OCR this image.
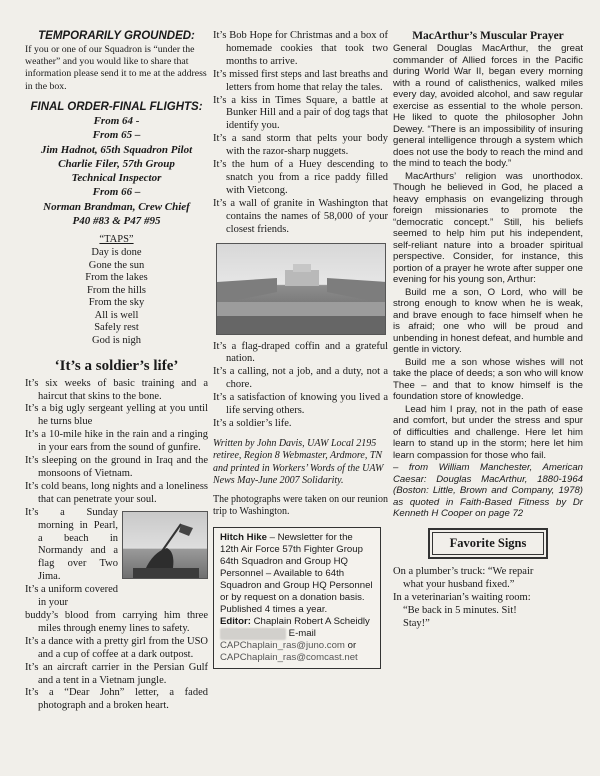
TEMPORARILY GROUNDED:
If you or one of our Squadron is “under the weather” and you would like to share that information please send it to me at the address in the box.
FINAL ORDER-FINAL FLIGHTS:
From 64 -
From 65 –
Jim Hadnot, 65th Squadron Pilot
Charlie Filer, 57th Group
Technical Inspector
From 66 –
Norman Brandman, Crew Chief
P40 #83 & P47 #95
“TAPS”
Day is done
Gone the sun
From the lakes
From the hills
From the sky
All is well
Safely rest
God is nigh
‘It’s a soldier’s life’
It’s six weeks of basic training and a haircut that skins to the bone.
It’s a big ugly sergeant yelling at you until he turns blue
It’s a 10-mile hike in the rain and a ringing in your ears from the sound of gunfire.
It’s sleeping on the ground in Iraq and the monsoons of Vietnam.
It’s cold beans, long nights and a loneliness that can penetrate your soul.
It’s a Sunday morning in Pearl, a beach in Normandy and a flag over Two Jima.
It’s a uniform covered in your
buddy’s blood from carrying him three miles through enemy lines to safety.
It’s a dance with a pretty girl from the USO and a cup of coffee at a dark outpost.
It’s an aircraft carrier in the Persian Gulf and a tent in a Vietnam jungle.
It’s a “Dear John” letter, a faded photograph and a broken heart.
It’s Bob Hope for Christmas and a box of homemade cookies that took two months to arrive.
It’s missed first steps and last breaths and letters from home that relay the tales.
It’s a kiss in Times Square, a battle at Bunker Hill and a pair of dog tags that identify you.
It’s a sand storm that pelts your body with the razor-sharp nuggets.
It’s the hum of a Huey descending to snatch you from a rice paddy filled with Vietcong.
It’s a wall of granite in Washington that contains the names of 58,000 of your closest friends.
It’s a flag-draped coffin and a grateful nation.
It’s a calling, not a job, and a duty, not a chore.
It’s a satisfaction of knowing you lived a life serving others.
It’s a soldier’s life.
Written by John Davis, UAW Local 2195 retiree, Region 8 Webmaster, Ardmore, TN and printed in Workers’ Words of the UAW News May-June 2007 Solidarity.
The photographs were taken on our reunion trip to Washington.
Hitch Hike – Newsletter for the 12th Air Force 57th Fighter Group 64th Squadron and Group HQ Personnel – Available to 64th Squadron and Group HQ Personnel or by request on a donation basis. Published 4 times a year.
Editor: Chaplain Robert A Scheidly
E-mail
CAPChaplain_ras@juno.com or
CAPChaplain_ras@comcast.net
MacArthur’s Muscular Prayer

General Douglas MacArthur, the great commander of Allied forces in the Pacific during World War II, began every morning with a round of calisthenics, walked miles every day, avoided alcohol, and saw regular exercise as essential to the whole person. He liked to quote the philosopher John Dewey. “There is an impossibility of insuring general intelligence through a system which does not use the body to reach the mind and the mind to teach the body.”

MacArthurs’ religion was unorthodox. Though he believed in God, he placed a heavy emphasis on evangelizing through foreign missionaries to promote the “democratic concept.” Still, his beliefs seemed to help him put his independent, self-reliant nature into a broader spiritual perspective. Consider, for instance, this portion of a prayer he wrote after supper one evening for his young son, Arthur:

Build me a son, O Lord, who will be strong enough to know when he is weak, and brave enough to face himself when he is afraid; one who will be proud and unbending in honest defeat, and humble and gentle in victory.

Build me a son whose wishes will not take the place of deeds; a son who will know Thee – and that to know himself is the foundation store of knowledge.

Lead him I pray, not in the path of ease and comfort, but under the stress and spur of difficulties and challenge. Here let him learn to stand up in the storm; here let him learn compassion for those who fail.

– from William Manchester, American Caesar: Douglas MacArthur, 1880-1964 (Boston: Little, Brown and Company, 1978) as quoted in Faith-Based Fitness by Dr Kenneth H Cooper on page 72

Favorite Signs
On a plumber’s truck: “We repair
what your husband fixed.”
In a veterinarian’s waiting room:
“Be back in 5 minutes. Sit!
Stay!”
